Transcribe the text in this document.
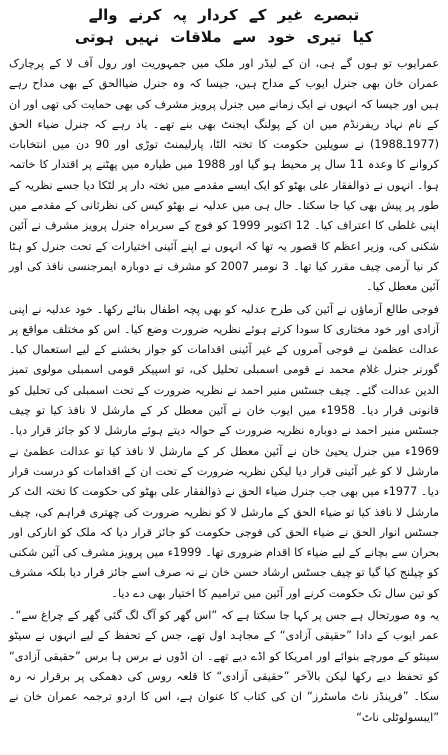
تبصرے غیر کے کردار پہ کرنے والے
کیا تیری خود سے ملاقات نہیں ہوتی

عمرایوب تو ہوں گے ہی، ان کے لیڈر اور ملک میں جمہوریت اور رول آف لا کے پرچارک عمران خان بھی جنرل ایوب کے مداح ہیں، جیسا کہ وہ جنرل ضیاالحق کے بھی مداح رہے ہیں اور جیسا کہ انہوں نے ایک زمانے میں جنرل پرویز مشرف کی بھی حمایت کی تھی اور ان کے نام نہاد ریفرنڈم میں ان کے پولنگ ایجنٹ بھی بنے تھے۔ یاد رہے کہ جنرل ضیاء الحق (1977ـ1988) نے سویلین حکومت کا تختہ الٹا، پارلیمنٹ توڑی اور 90 دن میں انتخابات کروانے کا وعدہ 11 سال پر محیط ہو گیا اور 1988 میں طیارہ میں پھٹنے پر اقتدار کا خاتمہ ہوا۔ انہوں نے ذوالفقار علی بھٹو کو ایک ایسے مقدمے میں تختہ دار پر لٹکا دیا جسے نظریہ کے طور پر پیش بھی کیا جا سکتا۔ حال ہی میں عدلیہ نے بھٹو کیس کی نظرثانی کے مقدمے میں اپنی غلطی کا اعتراف کیا۔ 12 اکتوبر 1999 کو فوج کے سربراہ جنرل پرویز مشرف نے آئین شکنی کی، وزیر اعظم کا قصور یہ تھا کہ انہوں نے اپنے آئینی اختیارات کے تحت جنرل کو ہٹا کر نیا آرمی چیف مقرر کیا تھا۔ 3 نومبر 2007 کو مشرف نے دوبارہ ایمرجنسی نافذ کی اور آئین معطل کیا۔

فوجی طالع آزماؤں نے آئین کی طرح عدلیہ کو بھی پچہ اطفال بنائے رکھا۔ خود عدلیہ نے اپنی آزادی اور خود مختاری کا سودا کرتے ہوئے نظریہ ضرورت وضع کیا۔ اس کو مختلف مواقع پر عدالت عظمیٰ نے فوجی آمروں کے غیر آئینی اقدامات کو جواز بخشنے کے لیے استعمال کیا۔ گورنر جنرل غلام محمد نے قومی اسمبلی تحلیل کی، تو اسپیکر قومی اسمبلی مولوی تمیز الدین عدالت گئے۔ چیف جسٹس منیر احمد نے نظریہ ضرورت کے تحت اسمبلی کی تحلیل کو قانونی قرار دیا۔ 1958ء میں ایوب خان نے آئین معطل کر کے مارشل لا نافذ کیا تو چیف جسٹس منیر احمد نے دوبارہ نظریہ ضرورت کے حوالہ دیتے ہوئے مارشل لا کو جائز قرار دیا۔ 1969ء میں جنرل یحییٰ خان نے آئین معطل کر کے مارشل لا نافذ کیا تو عدالت عظمیٰ نے مارشل لا کو غیر آئینی قرار دیا لیکن نظریہ ضرورت کے تحت ان کے اقدامات کو درست قرار دیا۔ 1977ء میں بھی جب جنرل ضیاء الحق نے ذوالفقار علی بھٹو کی حکومت کا تختہ الٹ کر مارشل لا نافذ کیا تو ضیاء الحق کے مارشل لا کو نظریہ ضرورت کی چھتری فراہم کی، چیف جسٹس انوار الحق نے ضیاء الحق کی فوجی حکومت کو جائز قرار دیا کہ ملک کو انارکی اور بحران سے بچانے کے لیے ضیاء کا اقدام ضروری تھا۔ 1999ء میں پرویز مشرف کی آئین شکنی کو چیلنج کیا گیا تو چیف جسٹس ارشاد حسن خان نے نہ صرف اسے جائز قرار دیا بلکہ مشرف کو تین سال تک حکومت کرنے اور آئین میں ترامیم کا اختیار بھی دے دیا۔

یہ وہ صورتحال ہے جس پر کہا جا سکتا ہے کہ ”اس گھر کو آگ لگ گئی گھر کے چراغ سے“۔ عمر ایوب کے دادا ”حقیقی آزادی“ کے مجاہد اول تھے، جس کے تحفظ کے لیے انہوں نے سیٹو سینٹو کے مورچے بنوائے اور امریکا کو اڈے دیے تھے۔ ان اڈوں نے برس ہا برس ”حقیقی آزادی“ کو تحفظ دیے رکھا لیکن بالآخر ”حقیقی آزادی“ کا قلعہ روس کی دھمکی پر برقرار نہ رہ سکا۔ ”فرینڈز ناٹ ماسٹرز“ ان کی کتاب کا عنوان ہے، اس کا اردو ترجمہ عمران خان نے ”ایبسولوٹلی ناٹ“
